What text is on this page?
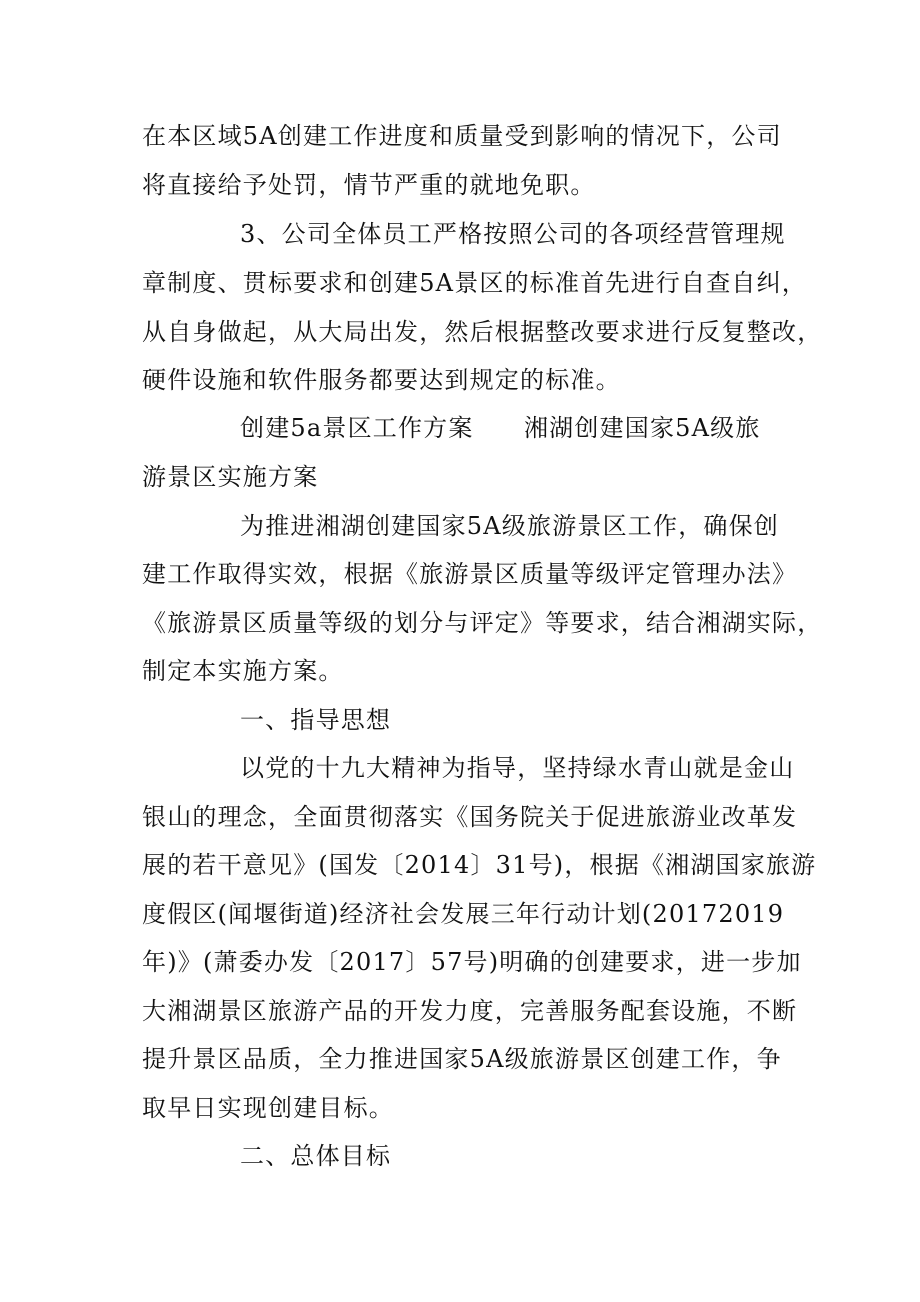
在本区域5A创建工作进度和质量受到影响的情况下，公司
将直接给予处罚，情节严重的就地免职。
3、公司全体员工严格按照公司的各项经营管理规
章制度、贯标要求和创建5A景区的标准首先进行自查自纠，
从自身做起，从大局出发，然后根据整改要求进行反复整改，
硬件设施和软件服务都要达到规定的标准。
创建5a景区工作方案　　湘湖创建国家5A级旅
游景区实施方案
为推进湘湖创建国家5A级旅游景区工作，确保创
建工作取得实效，根据《旅游景区质量等级评定管理办法》
《旅游景区质量等级的划分与评定》等要求，结合湘湖实际，
制定本实施方案。
一、指导思想
以党的十九大精神为指导，坚持绿水青山就是金山
银山的理念，全面贯彻落实《国务院关于促进旅游业改革发
展的若干意见》(国发〔2014〕31号)，根据《湘湖国家旅游
度假区(闻堰街道)经济社会发展三年行动计划(20172019
年)》(萧委办发〔2017〕57号)明确的创建要求，进一步加
大湘湖景区旅游产品的开发力度，完善服务配套设施，不断
提升景区品质，全力推进国家5A级旅游景区创建工作，争
取早日实现创建目标。
二、总体目标
